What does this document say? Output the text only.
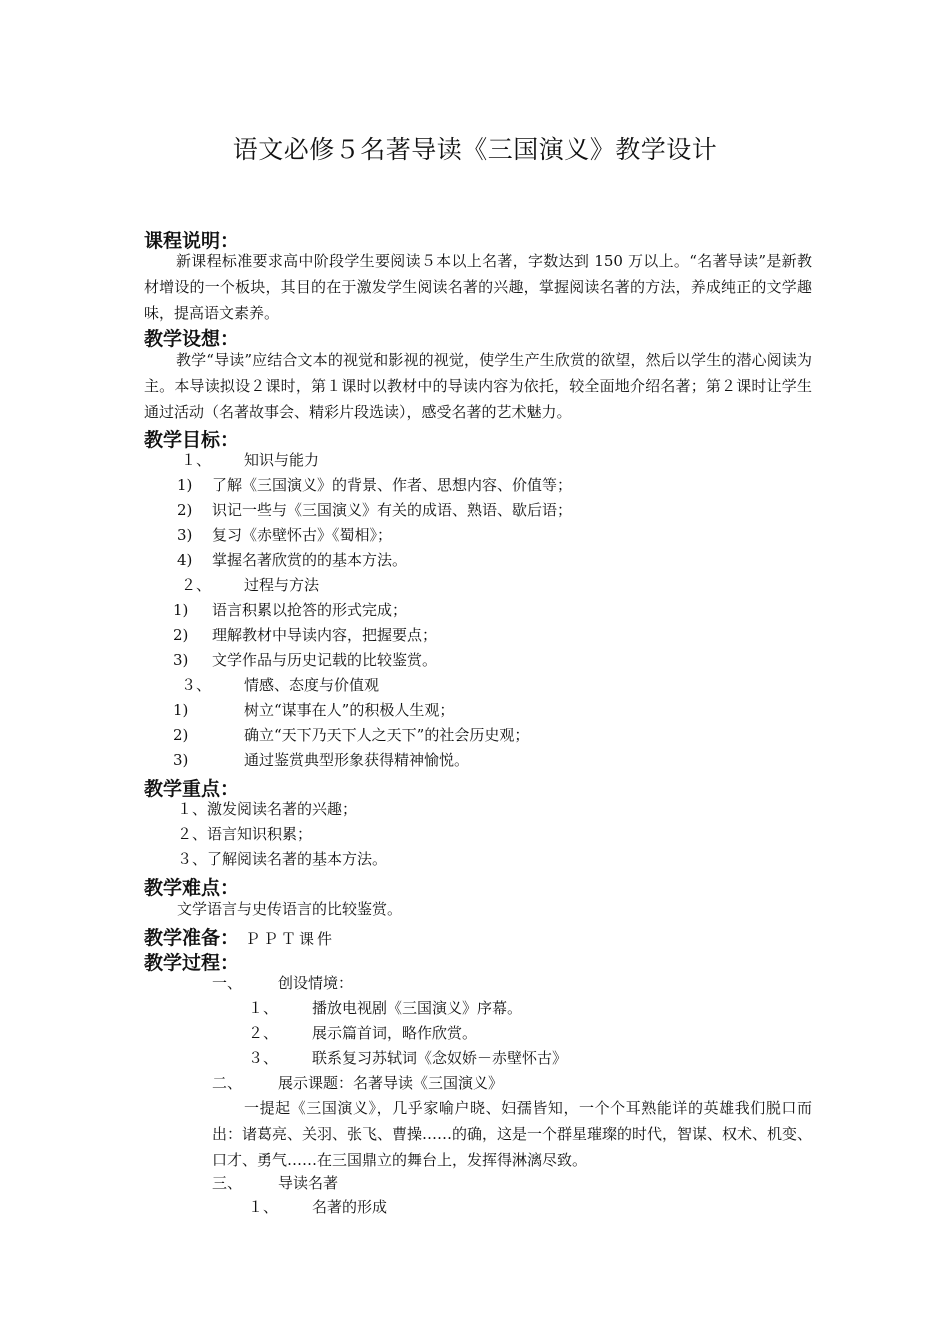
语文必修５名著导读《三国演义》教学设计
课程说明：
新课程标准要求高中阶段学生要阅读５本以上名著，字数达到 150 万以上。“名著导读”是新教材增设的一个板块，其目的在于激发学生阅读名著的兴趣，掌握阅读名著的方法，养成纯正的文学趣味，提高语文素养。
教学设想：
教学“导读”应结合文本的视觉和影视的视觉，使学生产生欣赏的欲望，然后以学生的潜心阅读为主。本导读拟设２课时，第１课时以教材中的导读内容为依托，较全面地介绍名著；第２课时让学生通过活动（名著故事会、精彩片段选读），感受名著的艺术魅力。
教学目标：
１、 知识与能力
1) 了解《三国演义》的背景、作者、思想内容、价值等；
2) 识记一些与《三国演义》有关的成语、熟语、歇后语；
3) 复习《赤壁怀古》《蜀相》；
4) 掌握名著欣赏的的基本方法。
２、 过程与方法
1) 语言积累以抢答的形式完成；
2) 理解教材中导读内容，把握要点；
3) 文学作品与历史记载的比较鉴赏。
３、 情感、态度与价值观
1)	树立“谋事在人”的积极人生观；
2)	确立“天下乃天下人之天下”的社会历史观；
3)	通过鉴赏典型形象获得精神愉悦。
教学重点：
１、激发阅读名著的兴趣；
２、语言知识积累；
３、了解阅读名著的基本方法。
教学难点：
文学语言与史传语言的比较鉴赏。
教学准备： ＰＰＴ课件
教学过程：
一、 创设情境：
１、 播放电视剧《三国演义》序幕。
２、 展示篇首词，略作欣赏。
３、 联系复习苏轼词《念奴娇－赤壁怀古》
二、 展示课题：名著导读《三国演义》
一提起《三国演义》，几乎家喻户晓、妇孺皆知，一个个耳熟能详的英雄我们脱口而出：诸葛亮、关羽、张飞、曹操……的确，这是一个群星璀璨的时代，智谋、权术、机变、口才、勇气……在三国鼎立的舞台上，发挥得淋漓尽致。
三、 导读名著
１、 名著的形成
